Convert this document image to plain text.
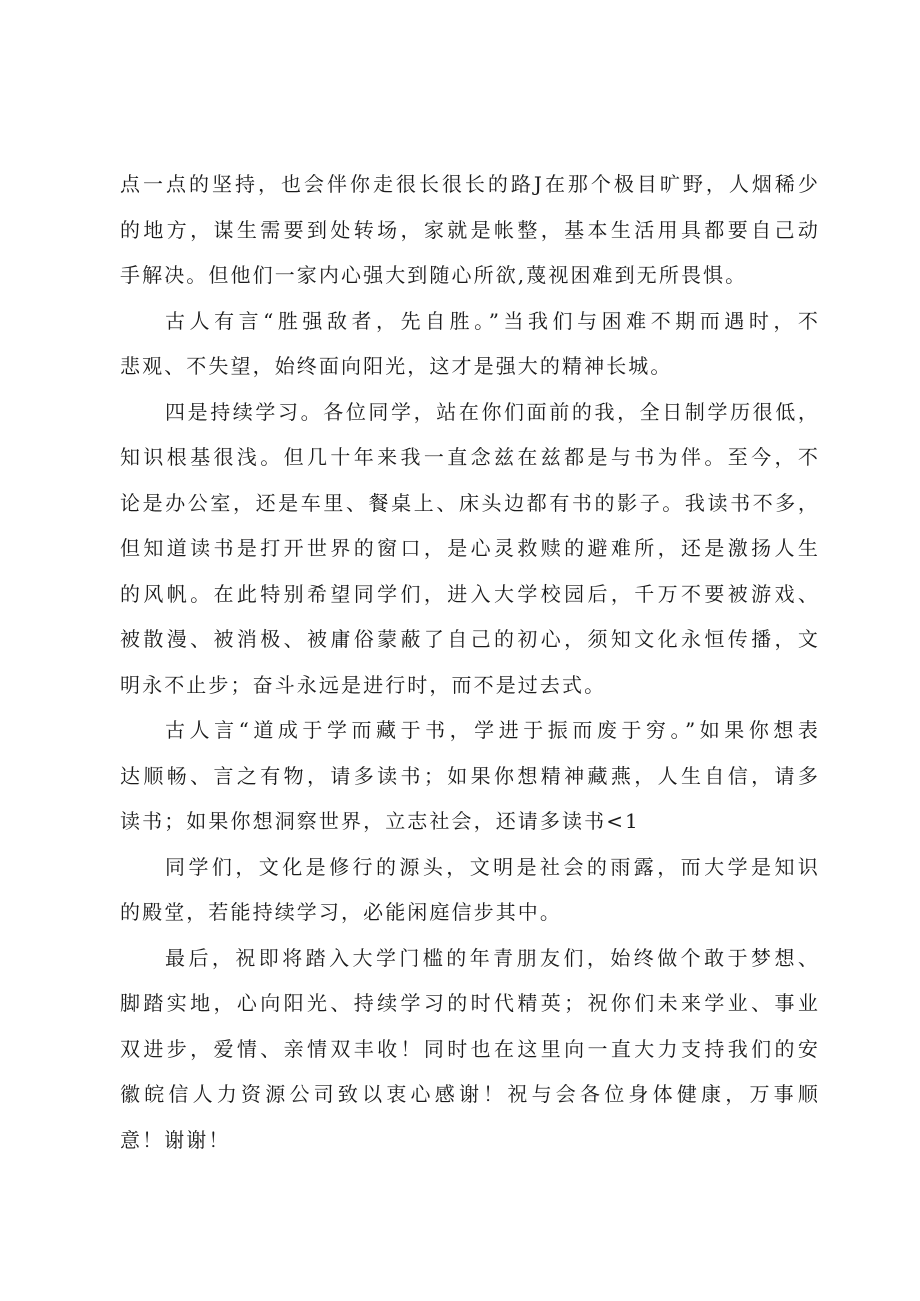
点一点的坚持，也会伴你走很长很长的路J在那个极目旷野，人烟稀少
的地方，谋生需要到处转场，家就是帐整，基本生活用具都要自己动
手解决。但他们一家内心强大到随心所欲,蔑视困难到无所畏惧。
古人有言“胜强敌者，先自胜。”当我们与困难不期而遇时，不
悲观、不失望，始终面向阳光，这才是强大的精神长城。
四是持续学习。各位同学，站在你们面前的我，全日制学历很低，
知识根基很浅。但几十年来我一直念兹在兹都是与书为伴。至今，不
论是办公室，还是车里、餐桌上、床头边都有书的影子。我读书不多，
但知道读书是打开世界的窗口，是心灵救赎的避难所，还是激扬人生
的风帆。在此特别希望同学们，进入大学校园后，千万不要被游戏、
被散漫、被消极、被庸俗蒙蔽了自己的初心，须知文化永恒传播，文
明永不止步；奋斗永远是进行时，而不是过去式。
古人言“道成于学而藏于书，学进于振而废于穷。”如果你想表
达顺畅、言之有物，请多读书；如果你想精神藏燕，人生自信，请多
读书；如果你想洞察世界，立志社会，还请多读书<1
同学们，文化是修行的源头，文明是社会的雨露，而大学是知识
的殿堂，若能持续学习，必能闲庭信步其中。
最后，祝即将踏入大学门槛的年青朋友们，始终做个敢于梦想、
脚踏实地，心向阳光、持续学习的时代精英；祝你们未来学业、事业
双进步，爱情、亲情双丰收！同时也在这里向一直大力支持我们的安
徽皖信人力资源公司致以衷心感谢！祝与会各位身体健康，万事顺
意！谢谢！
